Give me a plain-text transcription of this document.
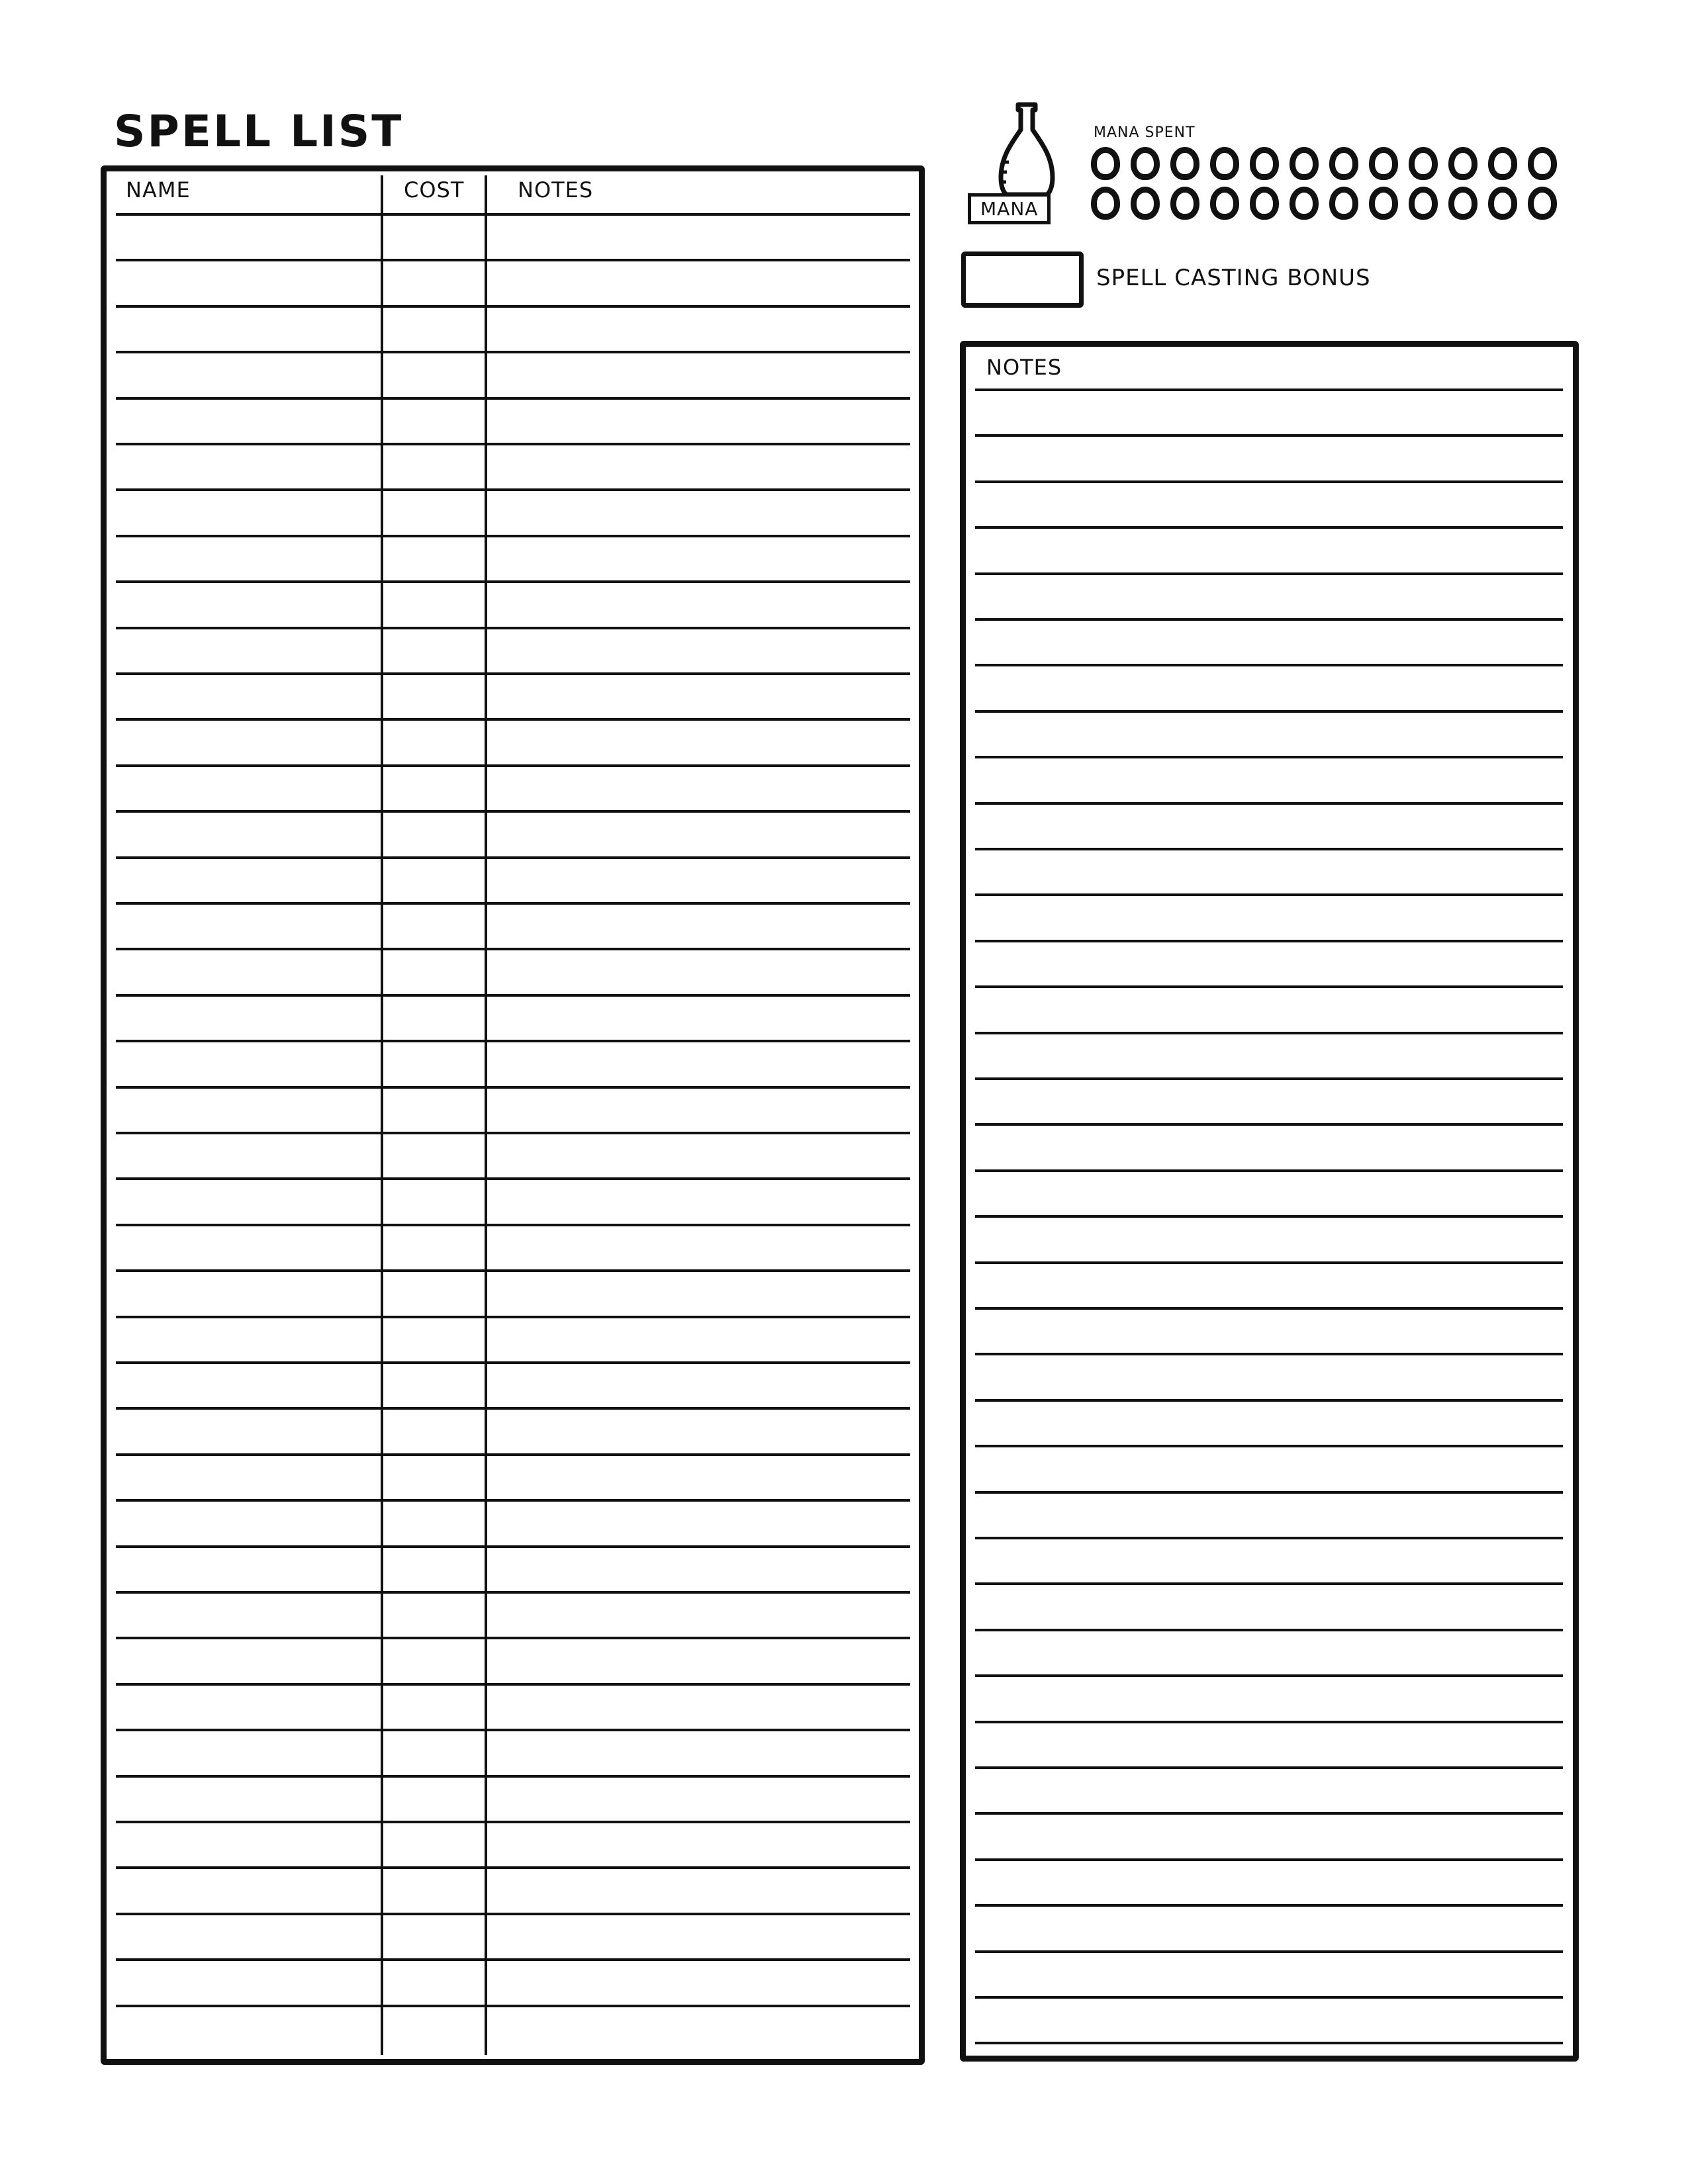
SPELL LIST
NAME	COST	NOTES
MANA
MANA SPENT
SPELL CASTING BONUS
NOTES
